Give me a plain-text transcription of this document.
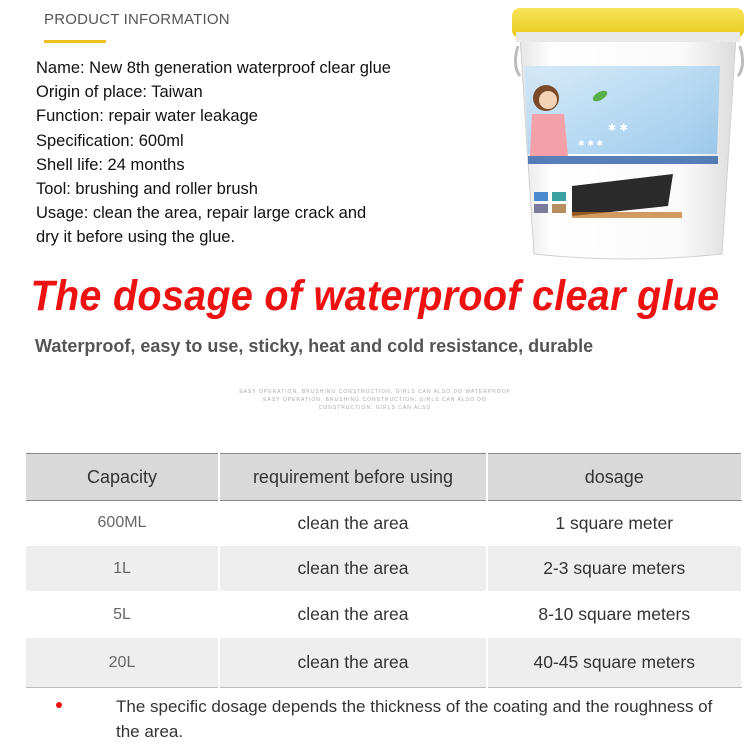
PRODUCT INFORMATION
Name: New 8th generation waterproof clear glue
Origin of place: Taiwan
Function: repair water leakage
Specification: 600ml
Shell life: 24 months
Tool: brushing and roller brush
Usage: clean the area, repair large crack and
dry it before using the glue.
✱ ✱
✱ ✱ ✱
The dosage of waterproof clear glue
Waterproof, easy to use, sticky, heat and cold resistance, durable
EASY OPERATION, BRUSHING CONSTRUCTION, GIRLS CAN ALSO DO WATERPROOF
EASY OPERATION, BRUSHING CONSTRUCTION, GIRLS CAN ALSO DO
CONSTRUCTION, GIRLS CAN ALSO
Capacity	requirement before using	dosage
600ML	clean the area	1 square meter
1L	clean the area	2-3 square meters
5L	clean the area	8-10 square meters
20L	clean the area	40-45 square meters
The specific dosage depends the thickness of the coating and the roughness of the area.
